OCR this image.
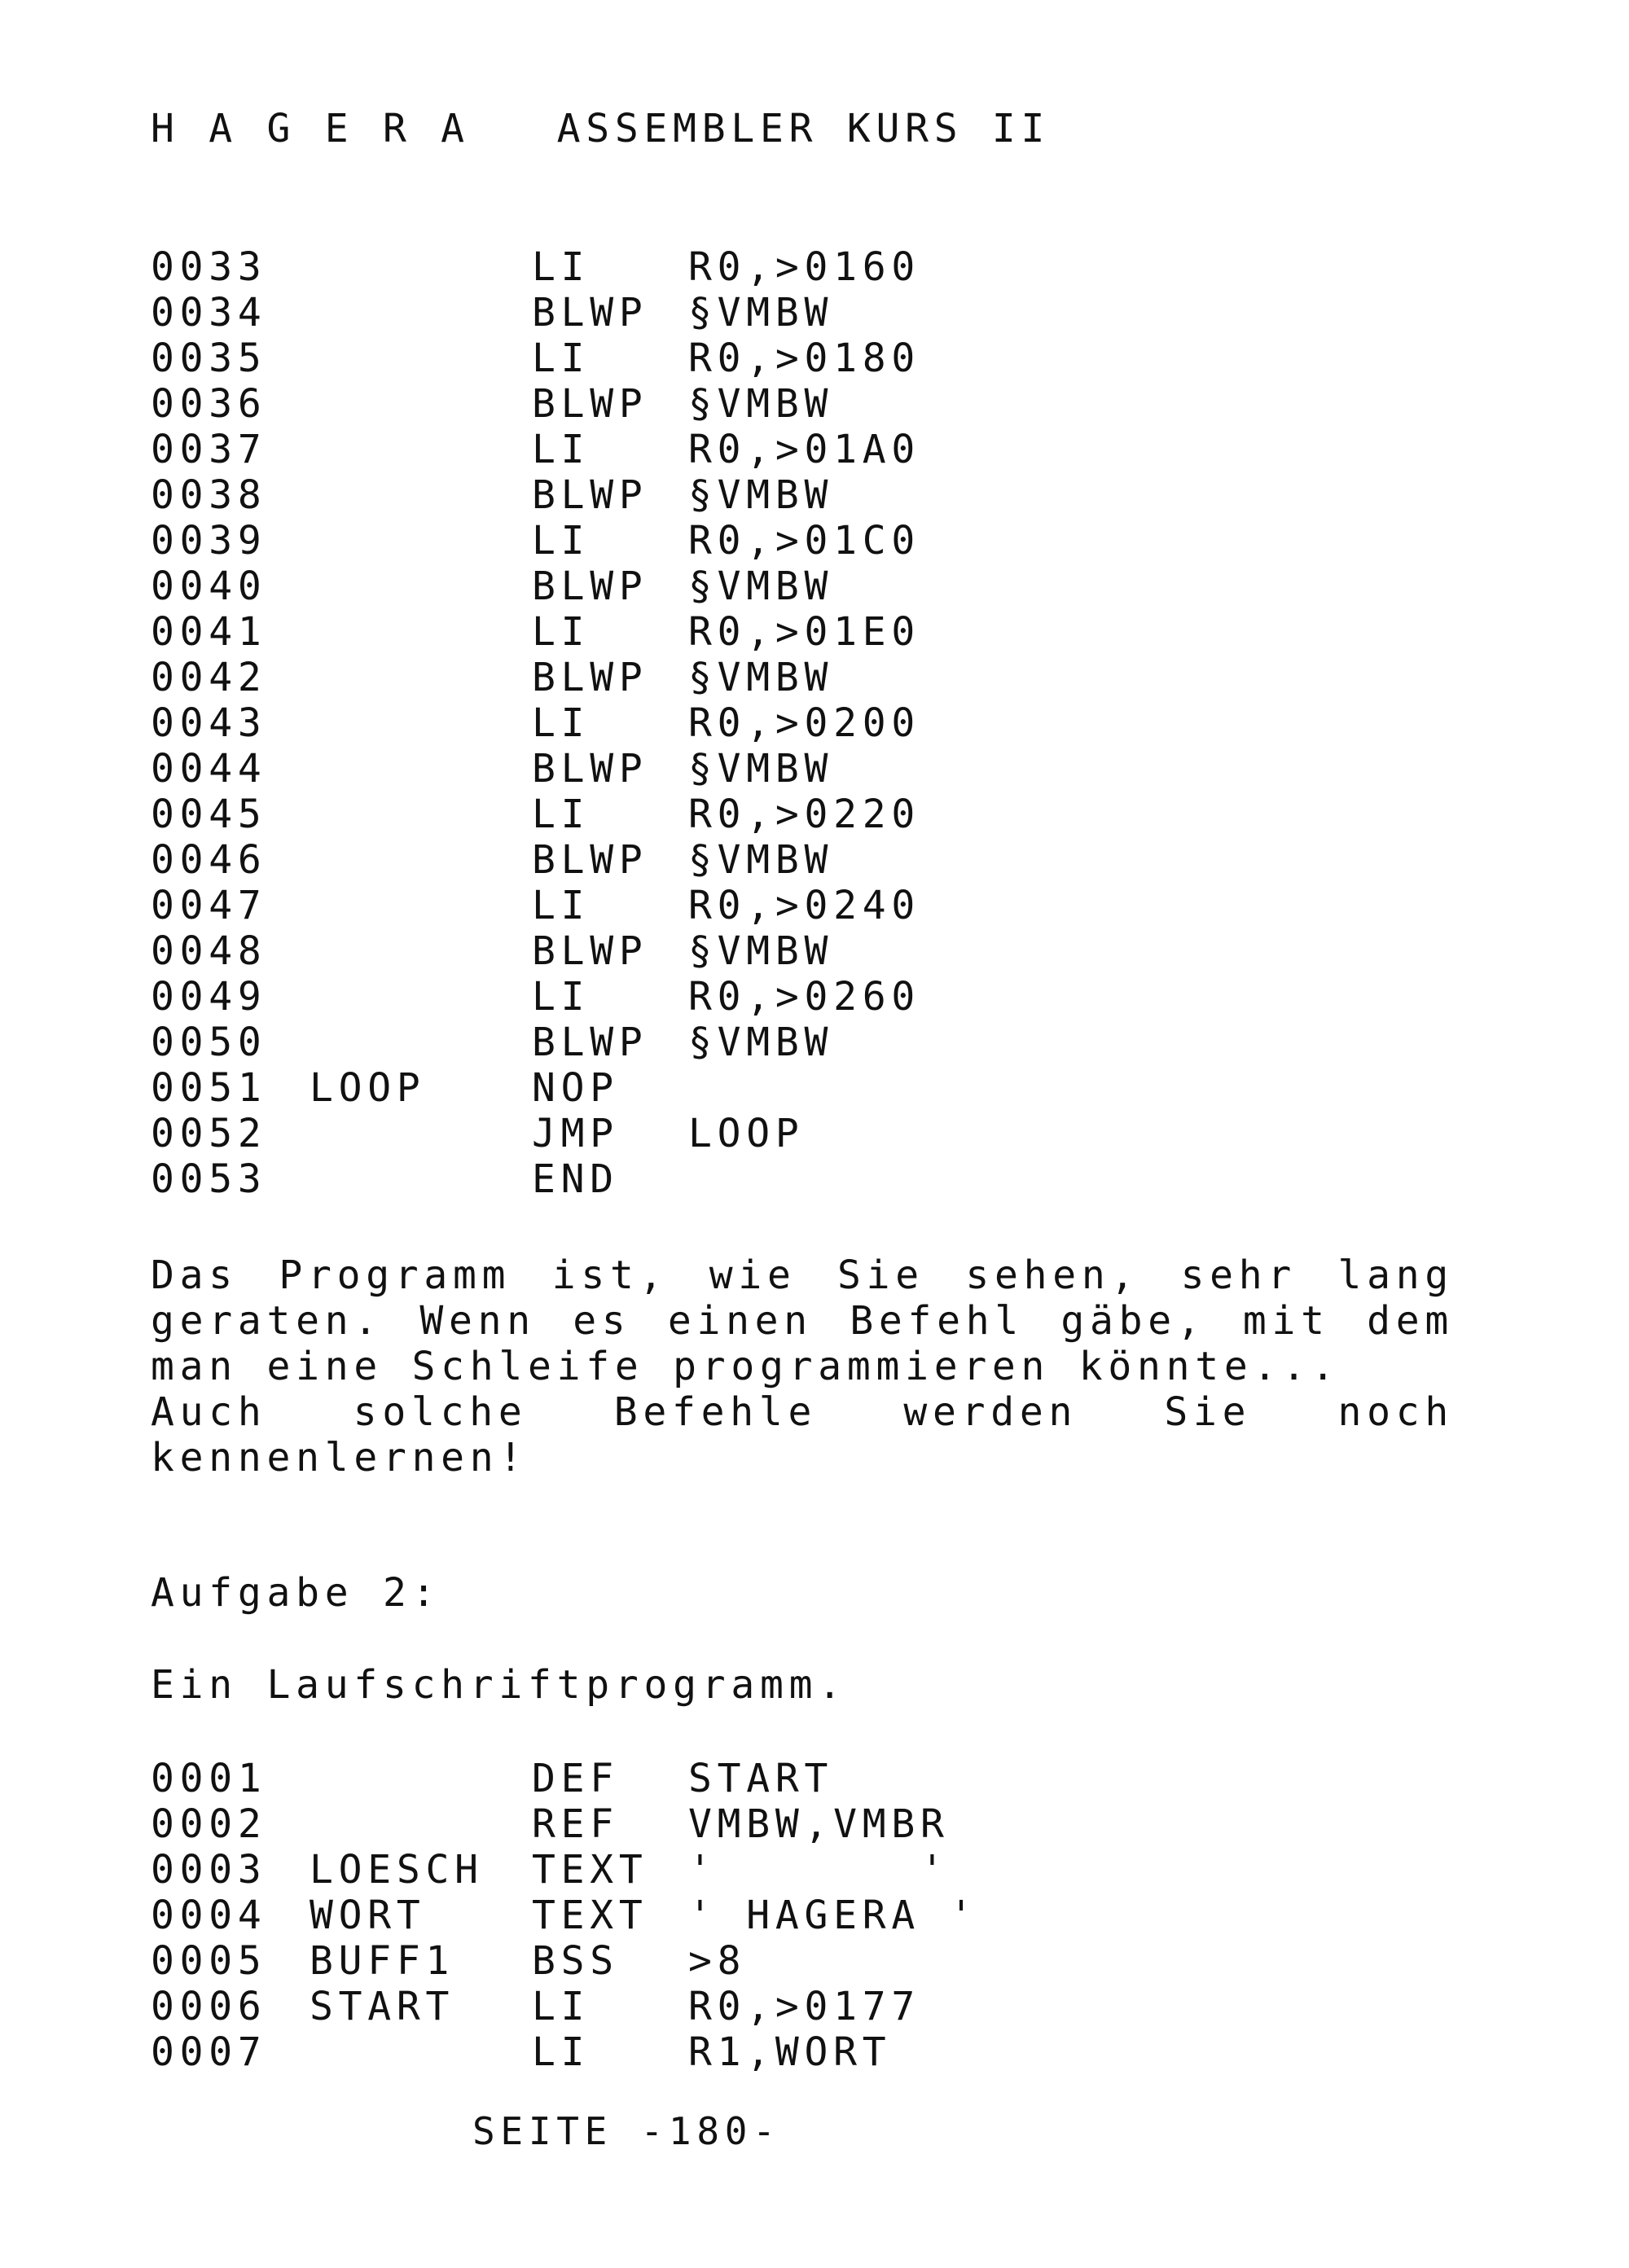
H A G E R A   ASSEMBLER KURS II
0033	LI	R0,>0160
0034	BLWP §VMBW
0035	LI	R0,>0180
0036	BLWP §VMBW
0037	LI	R0,>01A0
0038	BLWP §VMBW
0039	LI	R0,>01C0
0040	BLWP §VMBW
0041	LI	R0,>01E0
0042	BLWP §VMBW
0043	LI	R0,>0200
0044	BLWP §VMBW
0045	LI	R0,>0220
0046	BLWP §VMBW
0047	LI	R0,>0240
0048	BLWP §VMBW
0049	LI	R0,>0260
0050	BLWP §VMBW
0051 LOOP	NOP
0052	JMP LOOP
0053	END

Das Programm ist, wie Sie sehen, sehr lang geraten. Wenn es einen Befehl gäbe, mit dem man eine Schleife programmieren könnte...

Auch solche Befehle werden Sie noch kennenlernen!

Aufgabe 2:
Ein Laufschriftprogramm.
0001	DEF START
0002	REF VMBW,VMBR
0003 LOESCH TEXT '       '
0004 WORT	TEXT ' HAGERA '
0005 BUFF1 BSS >8
0006 START LI	R0,>0177
0007	LI	R1,WORT
SEITE -180-
